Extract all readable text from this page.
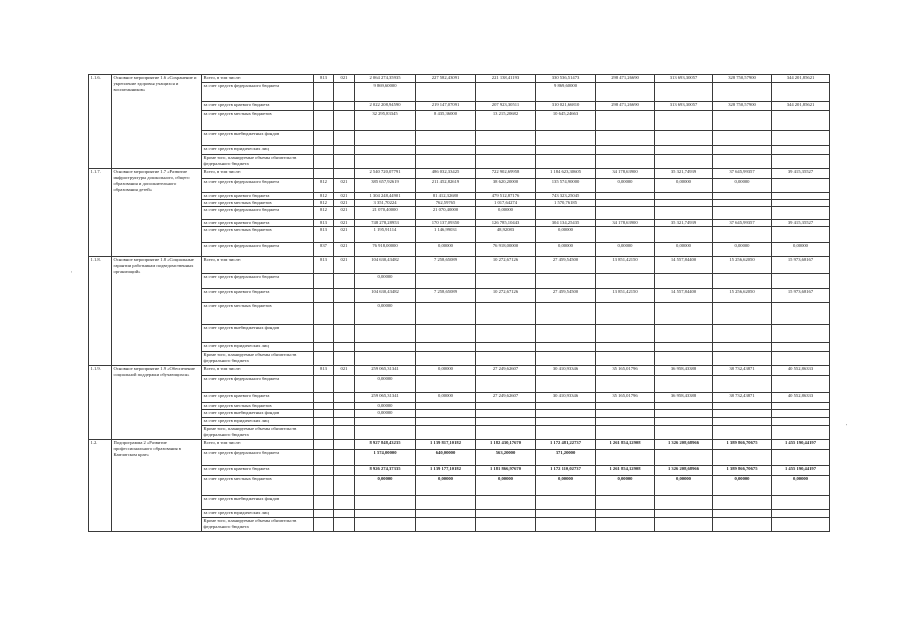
1.1.6.	Основное мероприятие 1.6 «Сохранение и укрепление здоровья учащихся и воспитанников»	Всего, в том числе:	813	021	2 064 274,35935	227 582,43091	221 138,41193	330 536,51473	298 471,26690	313 693,30057	328 750,57900	344 201,85621
		за счет средств федерального бюджета			9 869,60000			9 869,60000				
		за счет средств краевого бюджета			2 022 208,94590	219 147,07091	207 923,30511	310 021,66810	298 471,26690	313 693,30057	328 750,57900	344 201,85621
		за счет средств местных бюджетов			32 295,83345	8 435,36000	13 215,20682	10 645,24663				
		за счет средств внебюджетных фондов										
		за счет средств юридических лиц										
		Кроме того, планируемые объемы обязательств федерального бюджета										
1.1.7.	Основное мероприятие 1.7 «Развитие инфраструктуры дошкольного, общего образования и дополнительного образования детей»	Всего, в том числе:			2 540 720,07791	486 032,33425	722 902,69958	1 184 623,30605	34 178,63900	35 321,74939	37 645,99357	39 415,35527
		за счет средств федерального бюджета	812	021	385 657,92619	211 452,82619	38 620,20000	135 574,90000	0,00000	0,00000	0,00000	
		за счет средств краевого бюджета	812	021	1 304 248,44901	81 412,32680	479 512,87176	743 323,25045				
		за счет средств местных бюджетов	812	021	3 351,70224	762,59765	1 017,64274	1 570,76185				
		за счет средств федерального бюджета	812	021	21 070,40000	21 070,40000	0,00000					
		за счет средств краевого бюджета	813	021	748 278,28953	170 137,09350	126 785,10443	304 134,25435	34 178,63900	35 321,74939	37 645,99357	39 415,35527
		за счет средств местных бюджетов	813	021	1 195,91114	1 146,99031	48,92083	0,00000				
		за счет средств федерального бюджета	837	021	76 918,00000	0,00000	76 918,00000	0,00000	0,00000	0,00000	0,00000	0,00000
1.1.8.	Основное мероприятие 1.8 «Социальные гарантии работникам подведомственных организаций»	Всего, в том числе:	813	021	104 630,43482	7 258,65089	10 272,67126	27 459,54500	13 851,42150	14 557,84400	15 256,62050	15 973,68167
		за счет средств федерального бюджета			0,00000							
		за счет средств краевого бюджета			104 630,43482	7 258,65089	10 272,67126	27 459,54500	13 851,42150	14 557,84400	15 256,62050	15 973,68167
		за счет средств местных бюджетов			0,00000							
		за счет средств внебюджетных фондов										
		за счет средств юридических лиц										
		Кроме того, планируемые объемы обязательств федерального бюджета										
1.1.9.	Основное мероприятие 1.9 «Обеспечение социальной поддержки обучающихся»	Всего, в том числе:	813	021	259 065,31341	0,00000	27 249,62607	30 410,93346	35 165,01796	36 958,43388	38 732,43871	40 552,86333
		за счет средств федерального бюджета			0,00000							
		за счет средств краевого бюджета			259 065,31341	0,00000	27 249,62607	30 410,93346	35 165,01796	36 958,43388	38 732,43871	40 552,86333
		за счет средств местных бюджетов			0,00000							
		за счет средств внебюджетных фондов			0,00000							
		за счет средств юридических лиц										
		Кроме того, планируемые объемы обязательств федерального бюджета										
1.2.	Подпрограмма 2 «Развитие профессионального образования в Камчатском крае»	Всего, в том числе:			8 927 848,43235	1 139 817,10182	1 182 430,17670	1 172 481,22737	1 261 854,12908	1 326 208,68966	1 389 866,70675	1 455 190,44197
		за счет средств федерального бюджета			1 574,00000	640,00000	563,20000	371,20000				
		за счет средств краевого бюджета			8 926 274,37335	1 139 177,10182	1 181 866,97670	1 172 110,02737	1 261 854,12908	1 326 208,68966	1 389 866,70675	1 455 190,44197
		за счет средств местных бюджетов			0,00000	0,00000	0,00000	0,00000	0,00000	0,00000	0,00000	0,00000
		за счет средств внебюджетных фондов										
		за счет средств юридических лиц										
		Кроме того, планируемые объемы обязательств федерального бюджета										
,
'
